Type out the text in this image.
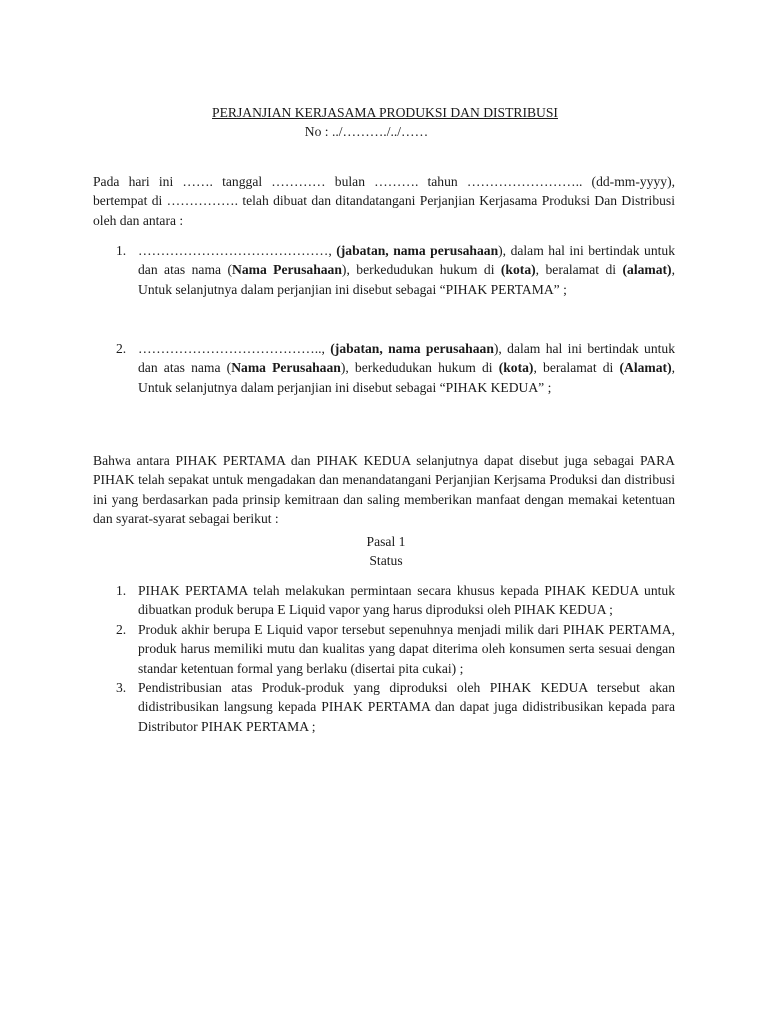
PERJANJIAN KERJASAMA PRODUKSI DAN DISTRIBUSI
No : ../………./../……
Pada hari ini ……. tanggal ………… bulan ………. tahun …………………….. (dd-mm-yyyy), bertempat di ……………. telah dibuat dan ditandatangani Perjanjian Kerjasama Produksi Dan Distribusi oleh dan antara :
1. ……………………………………, (jabatan, nama perusahaan), dalam hal ini bertindak untuk dan atas nama (Nama Perusahaan), berkedudukan hukum di (kota), beralamat di (alamat), Untuk selanjutnya dalam perjanjian ini disebut sebagai “PIHAK PERTAMA” ;
2. ………………………………….., (jabatan, nama perusahaan), dalam hal ini bertindak untuk dan atas nama (Nama Perusahaan), berkedudukan hukum di (kota), beralamat di (Alamat), Untuk selanjutnya dalam perjanjian ini disebut sebagai “PIHAK KEDUA” ;
Bahwa antara PIHAK PERTAMA dan PIHAK KEDUA selanjutnya dapat disebut juga sebagai PARA PIHAK telah sepakat untuk mengadakan dan menandatangani Perjanjian Kerjsama Produksi dan distribusi ini yang berdasarkan pada prinsip kemitraan dan saling memberikan manfaat dengan memakai ketentuan dan syarat-syarat sebagai berikut :
Pasal 1
Status
1. PIHAK PERTAMA telah melakukan permintaan secara khusus kepada PIHAK KEDUA untuk dibuatkan produk berupa E Liquid vapor yang harus diproduksi oleh PIHAK KEDUA ;
2. Produk akhir berupa E Liquid vapor tersebut sepenuhnya menjadi milik dari PIHAK PERTAMA, produk harus memiliki mutu dan kualitas yang dapat diterima oleh konsumen serta sesuai dengan standar ketentuan formal yang berlaku (disertai pita cukai) ;
3. Pendistribusian atas Produk-produk yang diproduksi oleh PIHAK KEDUA tersebut akan didistribusikan langsung kepada PIHAK PERTAMA dan dapat juga didistribusikan kepada para Distributor PIHAK PERTAMA ;
